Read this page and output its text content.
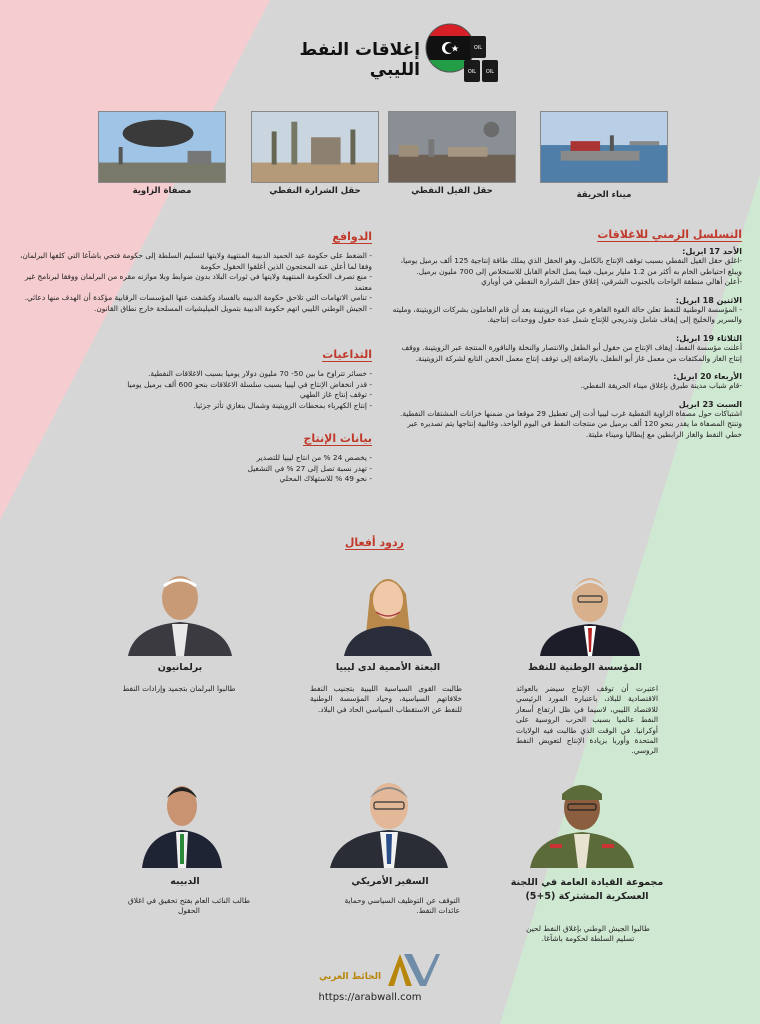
إغلاقات النفط الليبي
OIL
OIL OIL
ميناء الحريقة
حقل الفيل النفطي
حقل الشرارة النفطي
مصفاة الزاوية
التسلسل الزمني للاغلاقات
الأحد 17 ابريل:
-اغلق حقل الفيل النفطي بسبب توقف الإنتاج بالكامل، وهو الحقل الذي يملك طاقة إنتاجية 125 ألف برميل يوميا، ويبلغ احتياطي الخام به أكثر من 1.2 مليار برميل، فيما يصل الخام القابل للاستخلاص إلى 700 مليون برميل.
-أعلن أهالي منطقة الواحات بالجنوب الشرقي، إغلاق حقل الشرارة النفطي في أوباري
الاثنين 18 ابريل:
- المؤسسة الوطنية للنفط تعلن حالة القوة القاهرة عن ميناء الزويتينة بعد أن قام العاملون بشركات الزويتينة، ومليته والسرير والخليج إلى إيقاف شامل وتدريجي للإنتاج شمل عدة حقول ووحدات إنتاجية.
الثلاثاء 19 ابريل:
أعلنت مؤسسة النفط، إيقاف الإنتاج من حقول أبو الطفل والانتصار والنخلة والناقورة المنتجة عبر الزويتينة. ووقف إنتاج الغاز والمكثفات من معمل غاز أبو الطفل، بالإضافة إلى توقف إنتاج معمل الحقن التابع لشركة الزويتينة.
الأربعاء 20 ابريل:
-قام شباب مدينة طبرق بإغلاق ميناء الحريقة النفطي.
السبت 23 ابريل
اشتباكات حول مصفاة الزاوية النفطية غرب ليبيا أدت إلى تعطيل 29 موقعا من ضمنها خزانات المشتقات النفطية. وتنتج المصفاة ما يقدر بنحو 120 ألف برميل من منتجات النفط في اليوم الواحد، وغالبية إنتاجها يتم تصديره عبر خطي النفط والغاز الرابطين مع إيطاليا وميناء مليتة.
الدوافع
- الضغط على حكومة عبد الحميد الدبيبة المنتهية ولايتها لتسليم السلطة إلى حكومة فتحي باشآغا التي كلفها البرلمان، وفقا لما أعلن عنه المحتجون الذين أغلقوا الحقول حكومة
- منع تصرف الحكومة المنتهية ولايتها في ثورات البلاد بدون ضوابط وبلا موازنه مقره من البرلمان ووفقا لبرنامج غير معتمد
- تنامي الاتهامات التي تلاحق حكومة الدبيبه بالفساد وكشفت عنها المؤسسات الرقابية مؤكدة أن الهدف منها دعائي.
- الجيش الوطني الليبي اتهم حكومة الدبيبة بتمويل الميليشيات المسلحة خارج نطاق القانون.
التداعيات
- خسائر تتراوح ما بين 50- 70 مليون دولار يوميا بسبب الاغلاقات النفطية.
- قدر انخفاض الإنتاج في ليبيا بسبب سلسلة الاغلاقات بنحو 600 ألف برميل يوميا
- توقف إنتاج غاز الطهي
- إنتاج الكهرباء بمحطات الزويتينة وشمال بنغازي تأثر جزئيا.
بيانات الإنتاج
- يخصص 24 % من انتاج ليبيا للتصدير
- تهدر نسبة تصل إلى 27 % في التشغيل
- نحو 49 % للاستهلاك المحلي
ردود أفعال
المؤسسة الوطنية للنفط
البعثة الأممية لدى ليبيا
برلمانيون
اعتبرت أن توقف الإنتاج سيضر بالعوائد الاقتصادية للبلاد، باعتباره المورد الرئيسي للاقتصاد الليبي، لاسيما في ظل ارتفاع أسعار النفط عالميا بسبب الحرب الروسية على أوكرانيا. في الوقت الذي طالبت فيه الولايات المتحدة وأوربا بزيادة الإنتاج لتعويض النفط الروسي.
طالبت القوى السياسية الليبية بتجنيب النفط خلافاتهم السياسية، وحياد المؤسسة الوطنية للنفط عن الاستقطاب السياسي الحاد في البلاد.
طالبوا البرلمان بتجميد وإرادات النفط
مجموعة القيادة العامة في اللجنة العسكرية المشتركة (5+5)
السفير الأمريكي
الدبيبه
طالبوا الجيش الوطني بإغلاق النفط لحين تسليم السلطة لحكومة باشآغا.
التوقف عن التوظيف السياسي وحماية عائدات النفط.
طالب النائب العام بفتح تحقيق في اغلاق الحقول
الحائط العربي
https://arabwall.com
